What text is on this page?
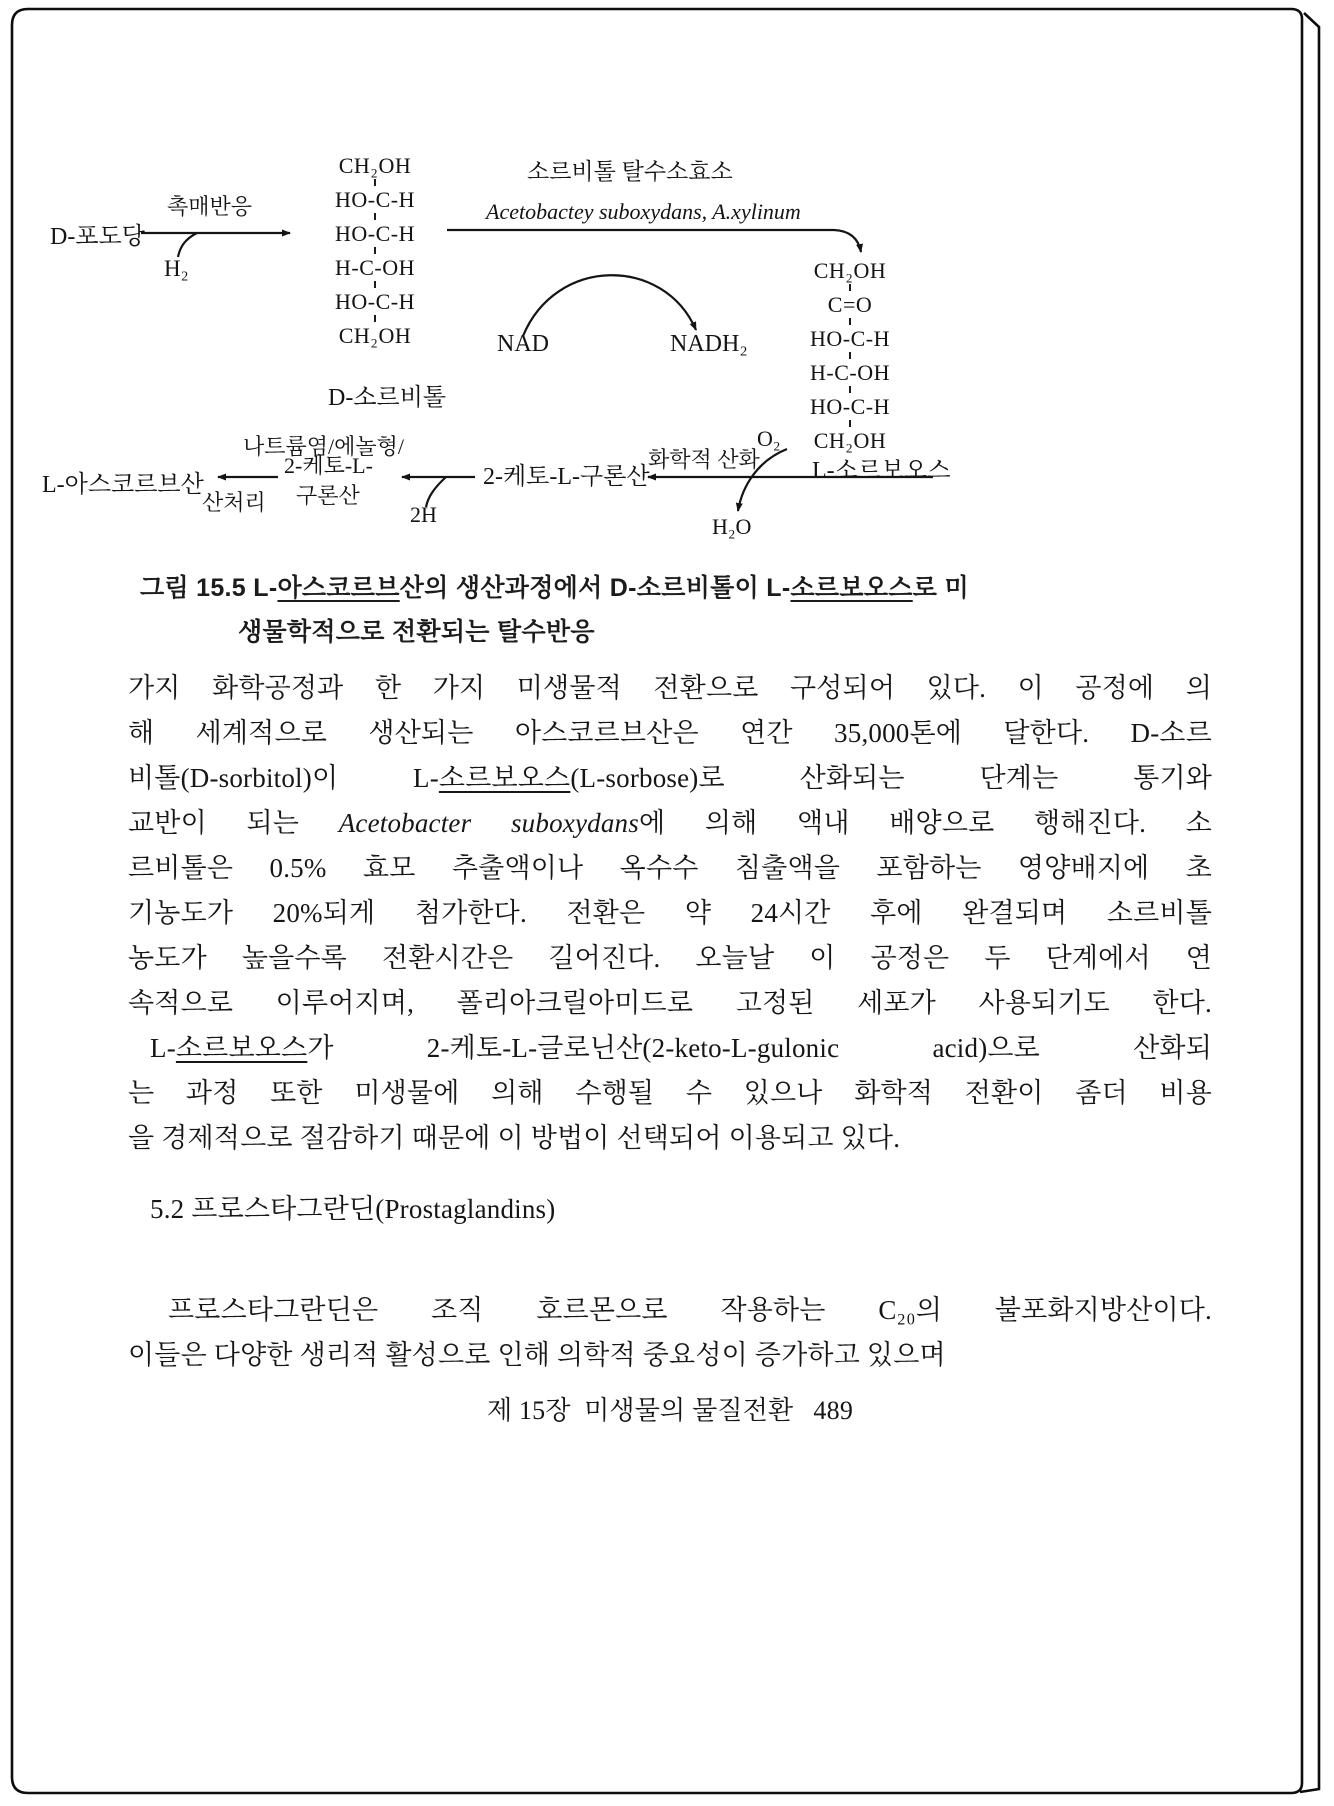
D-포도당
촉매반응
H₂
CH₂OH
HO-C-H
HO-C-H
H-C-OH
HO-C-H
CH₂OH
소르비톨 탈수소효소
Acetobactey suboxydans, A.xylinum
NAD	NADH₂
D-소르비톨
CH₂OH
C=O
HO-C-H
H-C-OH
HO-C-H
CH₂OH
나트륨염/에놀형/
L-아스코르브산
산처리
2-케토-L-
구론산
2H
2-케토-L-구론산
화학적 산화
O₂
L-소르보오스
H₂O
그림 15.5 L-아스코르브산의 생산과정에서 D-소르비톨이 L-소르보오스로 미
생물학적으로 전환되는 탈수반응
가지 화학공정과 한 가지 미생물적 전환으로 구성되어 있다. 이 공정에 의
해 세계적으로 생산되는 아스코르브산은 연간 35,000톤에 달한다. D-소르
비톨(D-sorbitol)이 L-소르보오스(L-sorbose)로 산화되는 단계는 통기와
교반이 되는 Acetobacter suboxydans에 의해 액내 배양으로 행해진다. 소
르비톨은 0.5% 효모 추출액이나 옥수수 침출액을 포함하는 영양배지에 초
기농도가 20%되게 첨가한다. 전환은 약 24시간 후에 완결되며 소르비톨
농도가 높을수록 전환시간은 길어진다. 오늘날 이 공정은 두 단계에서 연
속적으로 이루어지며, 폴리아크릴아미드로 고정된 세포가 사용되기도 한다.
L-소르보오스가 2-케토-L-글로닌산(2-keto-L-gulonic acid)으로 산화되
는 과정 또한 미생물에 의해 수행될 수 있으나 화학적 전환이 좀더 비용
을 경제적으로 절감하기 때문에 이 방법이 선택되어 이용되고 있다.
5.2 프로스타그란딘(Prostaglandins)
프로스타그란딘은 조직 호르몬으로 작용하는 C₂₀의 불포화지방산이다.
이들은 다양한 생리적 활성으로 인해 의학적 중요성이 증가하고 있으며
제 15장  미생물의 물질전환   489
